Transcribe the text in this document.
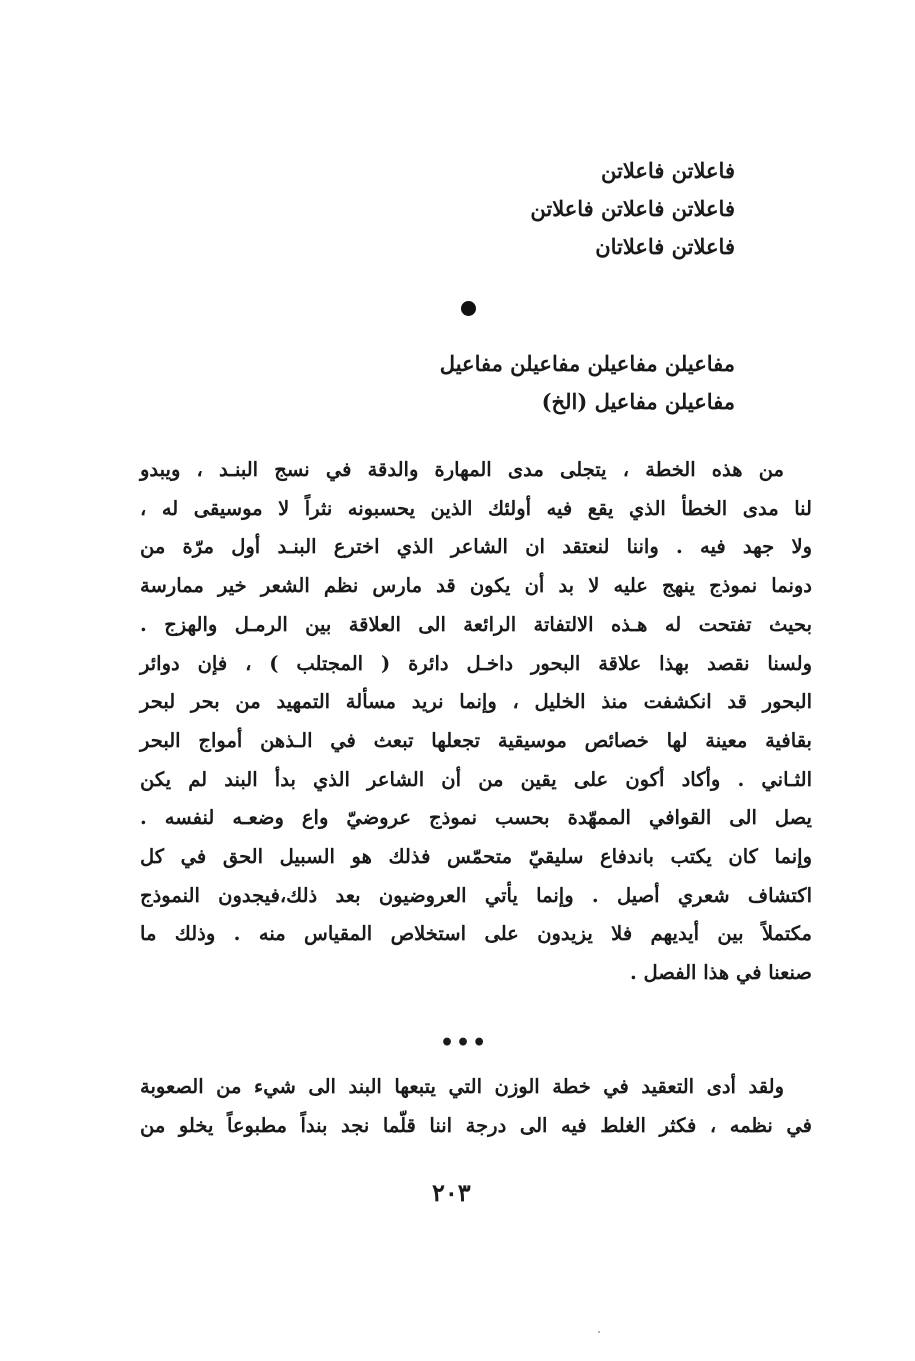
فاعلاتن فاعلاتن
فاعلاتن فاعلاتن فاعلاتن
فاعلاتن فاعلاتان
مفاعيلن مفاعيلن مفاعيلن مفاعيل
مفاعيلن مفاعيل (الخ)
من هذه الخطة ، يتجلى مدى المهارة والدقة في نسج البنـد ، ويبدو
لنا مدى الخطأ الذي يقع فيه أولئك الذين يحسبونه نثراً لا موسيقى له ،
ولا جهد فيه . واننا لنعتقد ان الشاعر الذي اخترع البنـد أول مرّة من
دونما نموذج ينهج عليه لا بد أن يكون قد مارس نظم الشعر خير ممارسة
بحيث تفتحت له هـذه الالتفاتة الرائعة الى العلاقة بين الرمـل والهزج .
ولسنا نقصد بهذا علاقة البحور داخـل دائرة ( المجتلب ) ، فإن دوائر
البحور قد انكشفت منذ الخليل ، وإنما نريد مسألة التمهيد من بحر لبحر
بقافية معينة لها خصائص موسيقية تجعلها تبعث في الـذهن أمواج البحر
الثـاني . وأكاد أكون على يقين من أن الشاعر الذي بدأ البند لم يكن
يصل الى القوافي الممهّدة بحسب نموذج عروضيّ واع وضعـه لنفسه .
وإنما كان يكتب باندفاع سليقيّ متحمّس فذلك هو السبيل الحق في كل
اكتشاف شعري أصيل . وإنما يأتي العروضيون بعد ذلك،فيجدون النموذج
مكتملاً بين أيديهم فلا يزيدون على استخلاص المقياس منه . وذلك ما
صنعنا في هذا الفصل .
•••
ولقد أدى التعقيد في خطة الوزن التي يتبعها البند الى شيء من الصعوبة
في نظمه ، فكثر الغلط فيه الى درجة اننا قلّما نجد بنداً مطبوعاً يخلو من
٢٠٣
